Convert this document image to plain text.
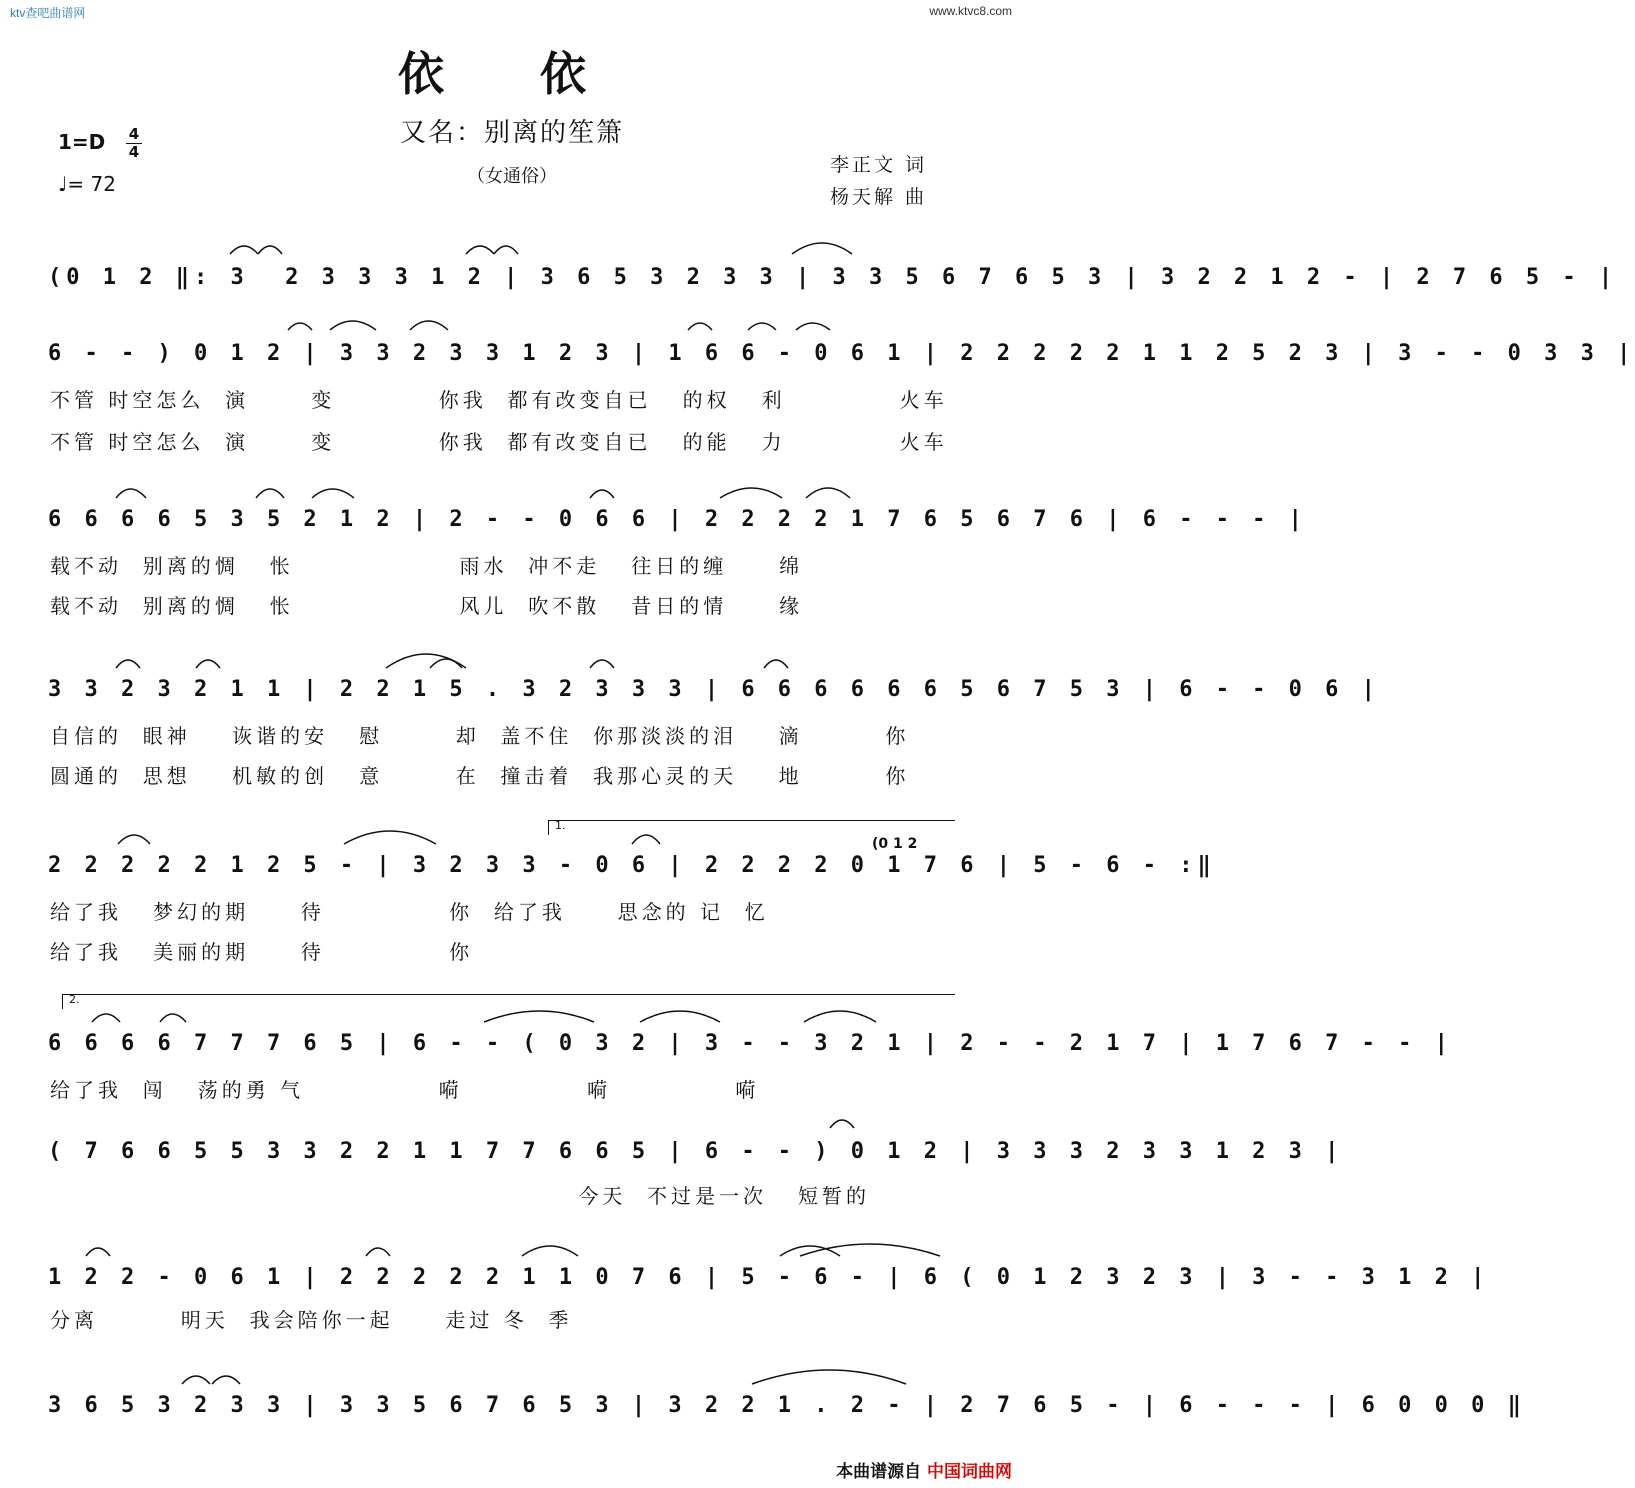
ktv查吧曲谱网	www.ktvc8.com
依 依
又名：别离的笙箫
（女通俗）
1=D 4
4
♩= 72
李正文 词
杨天解 曲
(0 1 2 ‖: 3  2 3 3 3 1 2 | 3 6 5 3 2 3 3 | 3 3 5 6 7 6 5 3 | 3 2 2 1 2 - | 2 7 6 5 - |
6 - - ) 0 1 2 | 3 3 2 3 3 1 2 3 | 1 6 6 - 0 6 1 | 2 2 2 2 2 1 1 2 5 2 3 | 3 - - 0 3 3 |
不管 时空怎么  演      变          你我  都有改变自已   的权   利           火车
不管 时空怎么  演      变          你我  都有改变自已   的能   力           火车
6 6 6 6 5 3 5 2 1 2 | 2 - - 0 6 6 | 2 2 2 2 1 7 6 5 6 7 6 | 6 - - - |
载不动  别离的惆   怅                雨水  冲不走   往日的缠     绵
载不动  别离的惆   怅                风儿  吹不散   昔日的情     缘
3 3 2 3 2 1 1 | 2 2 1 5 . 3 2 3 3 3 | 6 6 6 6 6 6 5 6 7 5 3 | 6 - - 0 6 |
自信的  眼神    诙谐的安   慰       却  盖不住  你那淡淡的泪    滴        你
圆通的  思想    机敏的创   意       在  撞击着  我那心灵的天    地        你
1.
(0 1 2
2 2 2 2 2 1 2 5 - | 3 2 3 3 - 0 6 | 2 2 2 2 0 1 7 6 | 5 - 6 - :‖
给了我   梦幻的期     待            你  给了我     思念的 记  忆
给了我   美丽的期     待            你
2.
6 6 6 6 7 7 7 6 5 | 6 - - ( 0 3 2 | 3 - - 3 2 1 | 2 - - 2 1 7 | 1 7 6 7 - - |
给了我  闯   荡的勇 气             嗬            嗬            嗬
( 7 6 6 5 5 3 3 2 2 1 1 7 7 6 6 5 | 6 - - ) 0 1 2 | 3 3 3 2 3 3 1 2 3 |
今天  不过是一次   短暂的
1 2 2 - 0 6 1 | 2 2 2 2 2 1 1 0 7 6 | 5 - 6 - | 6 ( 0 1 2 3 2 3 | 3 - - 3 1 2 |
分离        明天  我会陪你一起     走过 冬  季
3 6 5 3 2 3 3 | 3 3 5 6 7 6 5 3 | 3 2 2 1 . 2 - | 2 7 6 5 - | 6 - - - | 6 0 0 0 ‖
本曲谱源自 中国词曲网
